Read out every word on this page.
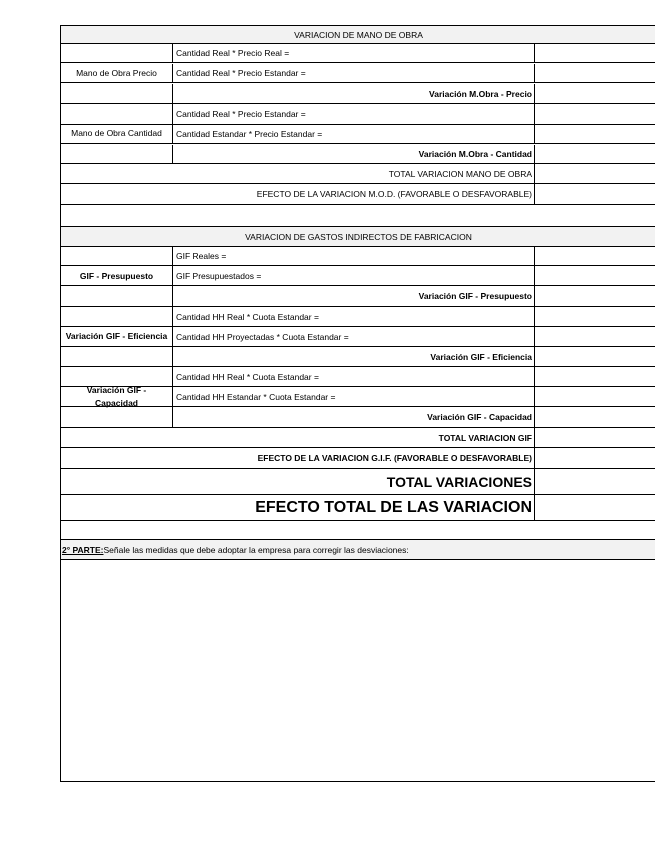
VARIACION DE MANO DE OBRA
Mano de Obra Precio
Cantidad Real * Precio Real =
Cantidad Real * Precio Estandar =
Variación M.Obra - Precio
Mano de Obra Cantidad
Cantidad Real * Precio Estandar =
Cantidad Estandar * Precio Estandar =
Variación M.Obra - Cantidad
TOTAL VARIACION MANO DE OBRA
EFECTO DE LA VARIACION M.O.D. (FAVORABLE O DESFAVORABLE)
VARIACION DE GASTOS INDIRECTOS DE FABRICACION
GIF - Presupuesto
GIF Reales =
GIF Presupuestados =
Variación GIF - Presupuesto
Variación GIF - Eficiencia
Cantidad HH Real * Cuota Estandar =
Cantidad HH Proyectadas * Cuota Estandar =
Variación GIF - Eficiencia
Variación GIF - Capacidad
Cantidad HH Real * Cuota Estandar =
Cantidad HH Estandar * Cuota Estandar =
Variación GIF - Capacidad
TOTAL VARIACION GIF
EFECTO DE LA VARIACION G.I.F. (FAVORABLE O DESFAVORABLE)
TOTAL VARIACIONES
EFECTO TOTAL DE LAS VARIACION
2° PARTE: Señale las medidas que debe adoptar la empresa para corregir las desviaciones:
